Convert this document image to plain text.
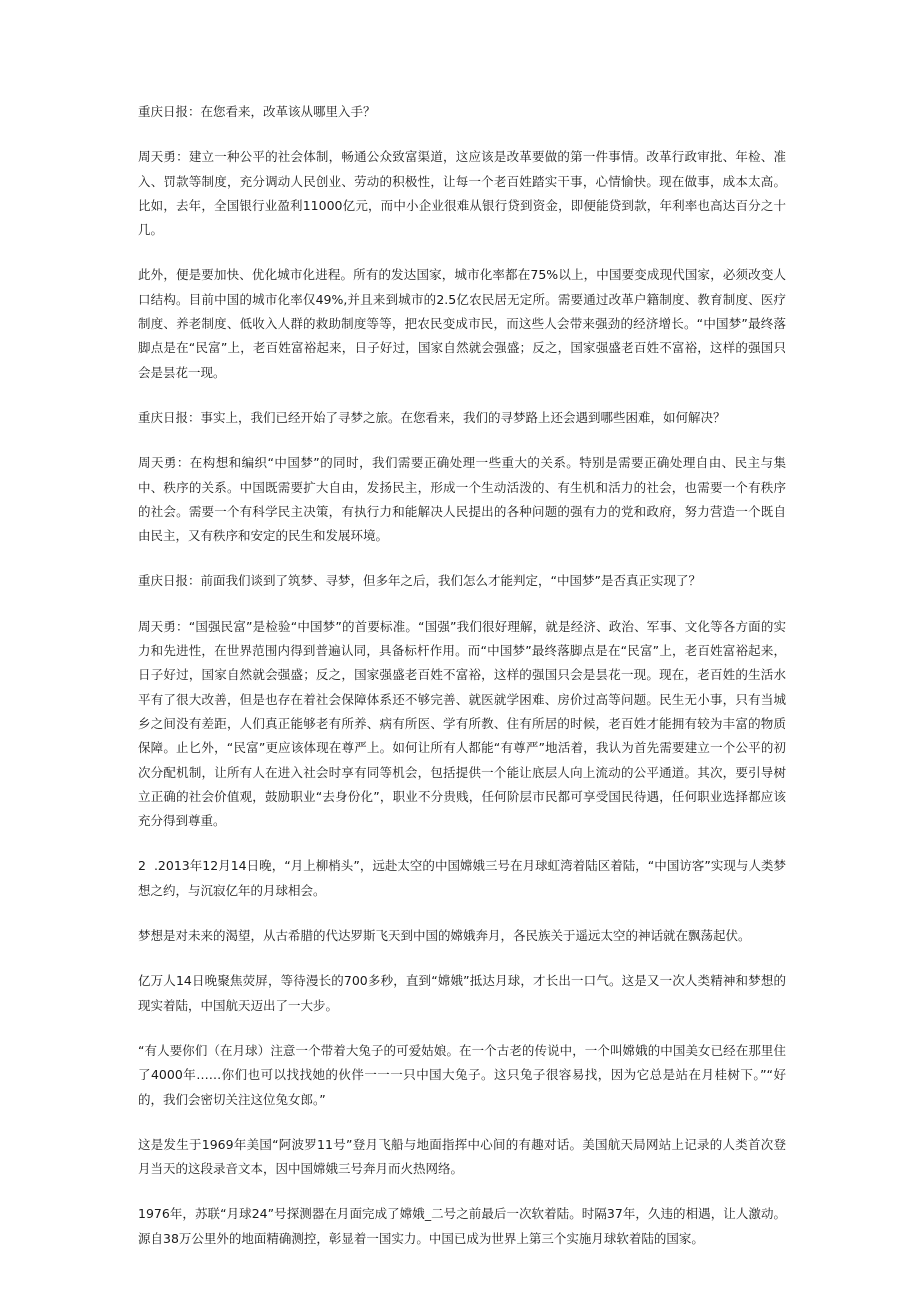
重庆日报：在您看来，改革该从哪里入手？

周天勇：建立一种公平的社会体制，畅通公众致富渠道，这应该是改革要做的第一件事情。改革行政审批、年检、准入、罚款等制度，充分调动人民创业、劳动的积极性，让每一个老百姓踏实干事，心情愉快。现在做事，成本太高。比如，去年，全国银行业盈利11000亿元，而中小企业很难从银行贷到资金，即便能贷到款，年利率也高达百分之十几。

此外，便是要加快、优化城市化进程。所有的发达国家，城市化率都在75%以上，中国要变成现代国家，必须改变人口结构。目前中国的城市化率仅49%,并且来到城市的2.5亿农民居无定所。需要通过改革户籍制度、教育制度、医疗制度、养老制度、低收入人群的救助制度等等，把农民变成市民，而这些人会带来强劲的经济增长。“中国梦”最终落脚点是在“民富”上，老百姓富裕起来，日子好过，国家自然就会强盛；反之，国家强盛老百姓不富裕，这样的强国只会是昙花一现。

重庆日报：事实上，我们已经开始了寻梦之旅。在您看来，我们的寻梦路上还会遇到哪些困难，如何解决？

周天勇：在构想和编织“中国梦”的同时，我们需要正确处理一些重大的关系。特别是需要正确处理自由、民主与集中、秩序的关系。中国既需要扩大自由，发扬民主，形成一个生动活泼的、有生机和活力的社会，也需要一个有秩序的社会。需要一个有科学民主决策，有执行力和能解决人民提出的各种问题的强有力的党和政府，努力营造一个既自由民主，又有秩序和安定的民生和发展环境。

重庆日报：前面我们谈到了筑梦、寻梦，但多年之后，我们怎么才能判定，“中国梦”是否真正实现了？

周天勇：“国强民富”是检验“中国梦”的首要标准。“国强”我们很好理解，就是经济、政治、军事、文化等各方面的实力和先进性，在世界范围内得到普遍认同，具备标杆作用。而“中国梦”最终落脚点是在“民富”上，老百姓富裕起来，日子好过，国家自然就会强盛；反之，国家强盛老百姓不富裕，这样的强国只会是昙花一现。现在，老百姓的生活水平有了很大改善，但是也存在着社会保障体系还不够完善、就医就学困难、房价过高等问题。民生无小事，只有当城乡之间没有差距，人们真正能够老有所养、病有所医、学有所教、住有所居的时候，老百姓才能拥有较为丰富的物质保障。止匕外，“民富”更应该体现在尊严上。如何让所有人都能“有尊严”地活着，我认为首先需要建立一个公平的初次分配机制，让所有人在进入社会时享有同等机会，包括提供一个能让底层人向上流动的公平通道。其次，要引导树立正确的社会价值观，鼓励职业“去身份化”，职业不分贵贱，任何阶层市民都可享受国民待遇，任何职业选择都应该充分得到尊重。

2  .2013年12月14日晚，“月上柳梢头”，远赴太空的中国嫦娥三号在月球虹湾着陆区着陆，“中国访客”实现与人类梦想之约，与沉寂亿年的月球相会。

梦想是对未来的渴望，从古希腊的代达罗斯飞天到中国的嫦娥奔月，各民族关于遥远太空的神话就在飘荡起伏。

亿万人14日晚聚焦荧屏，等待漫长的700多秒，直到“嫦娥”抵达月球，才长出一口气。这是又一次人类精神和梦想的现实着陆，中国航天迈出了一大步。

“有人要你们（在月球）注意一个带着大兔子的可爱姑娘。在一个古老的传说中，一个叫嫦娥的中国美女已经在那里住了4000年……你们也可以找找她的伙伴一一一只中国大兔子。这只兔子很容易找，因为它总是站在月桂树下。”“好的，我们会密切关注这位兔女郎。”

这是发生于1969年美国“阿波罗11号”登月飞船与地面指挥中心间的有趣对话。美国航天局网站上记录的人类首次登月当天的这段录音文本，因中国嫦娥三号奔月而火热网络。

1976年，苏联“月球24”号探测器在月面完成了嫦娥_二号之前最后一次软着陆。时隔37年，久违的相遇，让人激动。源自38万公里外的地面精确测控，彰显着一国实力。中国已成为世界上第三个实施月球软着陆的国家。
